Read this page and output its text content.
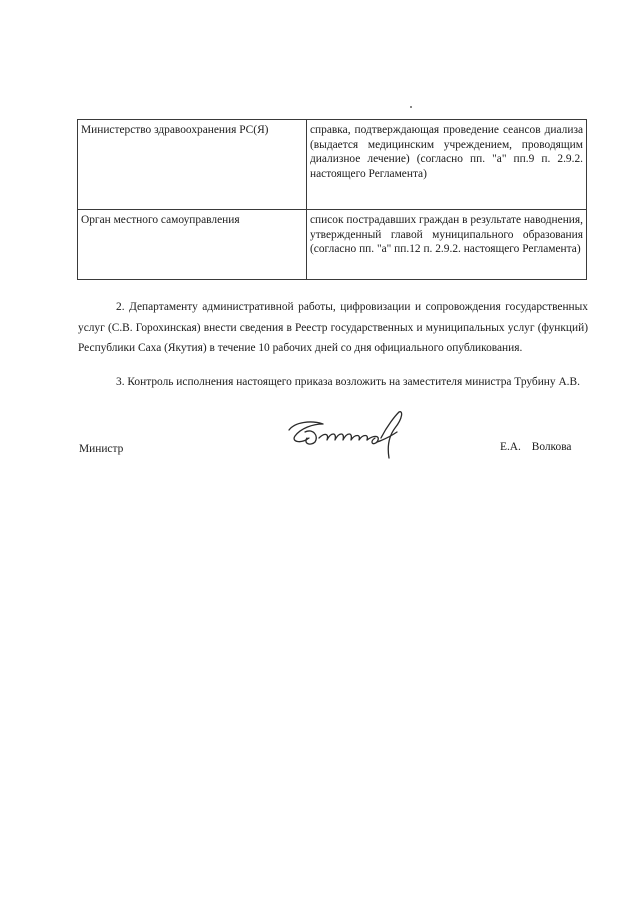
Министерство здравоохранения РС(Я)	справка, подтверждающая проведение сеансов диализа (выдается медицинским учреждением, проводящим диализное лечение) (согласно пп. "а" пп.9 п. 2.9.2. настоящего Регламента)
Орган местного самоуправления	список пострадавших граждан в результате наводнения, утвержденный главой муниципального образования (согласно пп. "а" пп.12 п. 2.9.2. настоящего Регламента)

2. Департаменту административной работы, цифровизации и сопровождения государственных услуг (С.В. Горохинская) внести сведения в Реестр государственных и муниципальных услуг (функций) Республики Саха (Якутия) в течение 10 рабочих дней со дня официального опубликования.

3. Контроль исполнения настоящего приказа возложить на заместителя министра Трубину А.В.

Министр	Е.А. Волкова
